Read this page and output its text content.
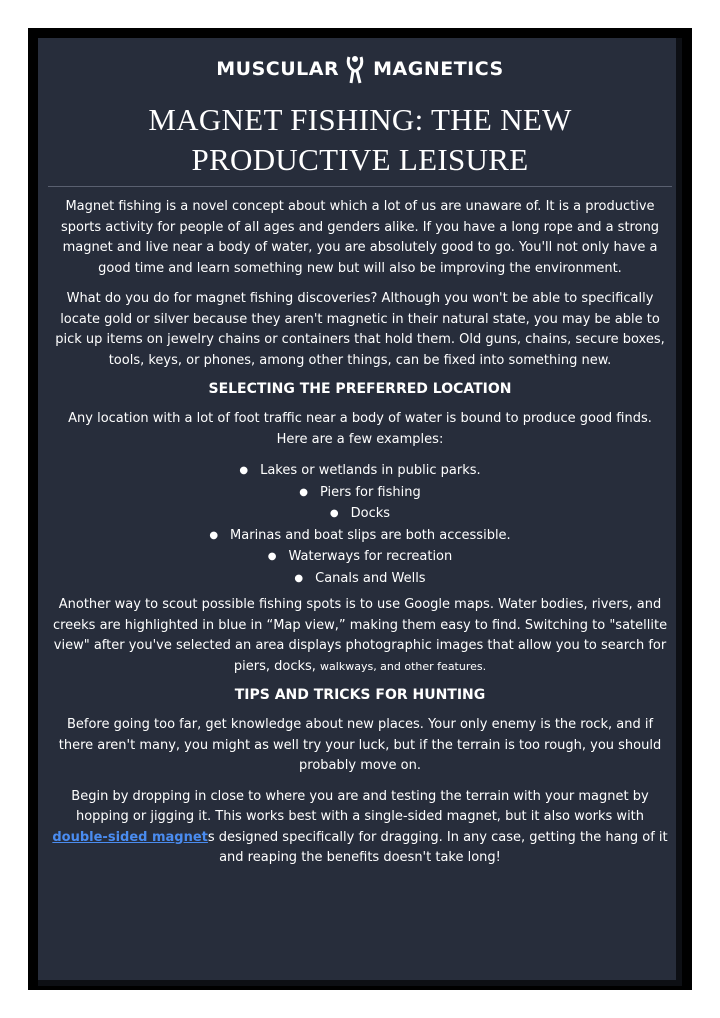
MUSCULAR MAGNETICS
MAGNET FISHING: THE NEW
PRODUCTIVE LEISURE

Magnet fishing is a novel concept about which a lot of us are unaware of. It is a productive sports activity for people of all ages and genders alike. If you have a long rope and a strong magnet and live near a body of water, you are absolutely good to go. You'll not only have a good time and learn something new but will also be improving the environment.

What do you do for magnet fishing discoveries? Although you won't be able to specifically locate gold or silver because they aren't magnetic in their natural state, you may be able to pick up items on jewelry chains or containers that hold them. Old guns, chains, secure boxes, tools, keys, or phones, among other things, can be fixed into something new.

SELECTING THE PREFERRED LOCATION

Any location with a lot of foot traffic near a body of water is bound to produce good finds. Here are a few examples:

● Lakes or wetlands in public parks.
● Piers for fishing
● Docks
● Marinas and boat slips are both accessible.
● Waterways for recreation
● Canals and Wells

Another way to scout possible fishing spots is to use Google maps. Water bodies, rivers, and creeks are highlighted in blue in “Map view,” making them easy to find. Switching to "satellite view" after you've selected an area displays photographic images that allow you to search for piers, docks, walkways, and other features.

TIPS AND TRICKS FOR HUNTING

Before going too far, get knowledge about new places. Your only enemy is the rock, and if there aren't many, you might as well try your luck, but if the terrain is too rough, you should probably move on.

Begin by dropping in close to where you are and testing the terrain with your magnet by hopping or jigging it. This works best with a single-sided magnet, but it also works with double-sided magnets designed specifically for dragging. In any case, getting the hang of it and reaping the benefits doesn't take long!
